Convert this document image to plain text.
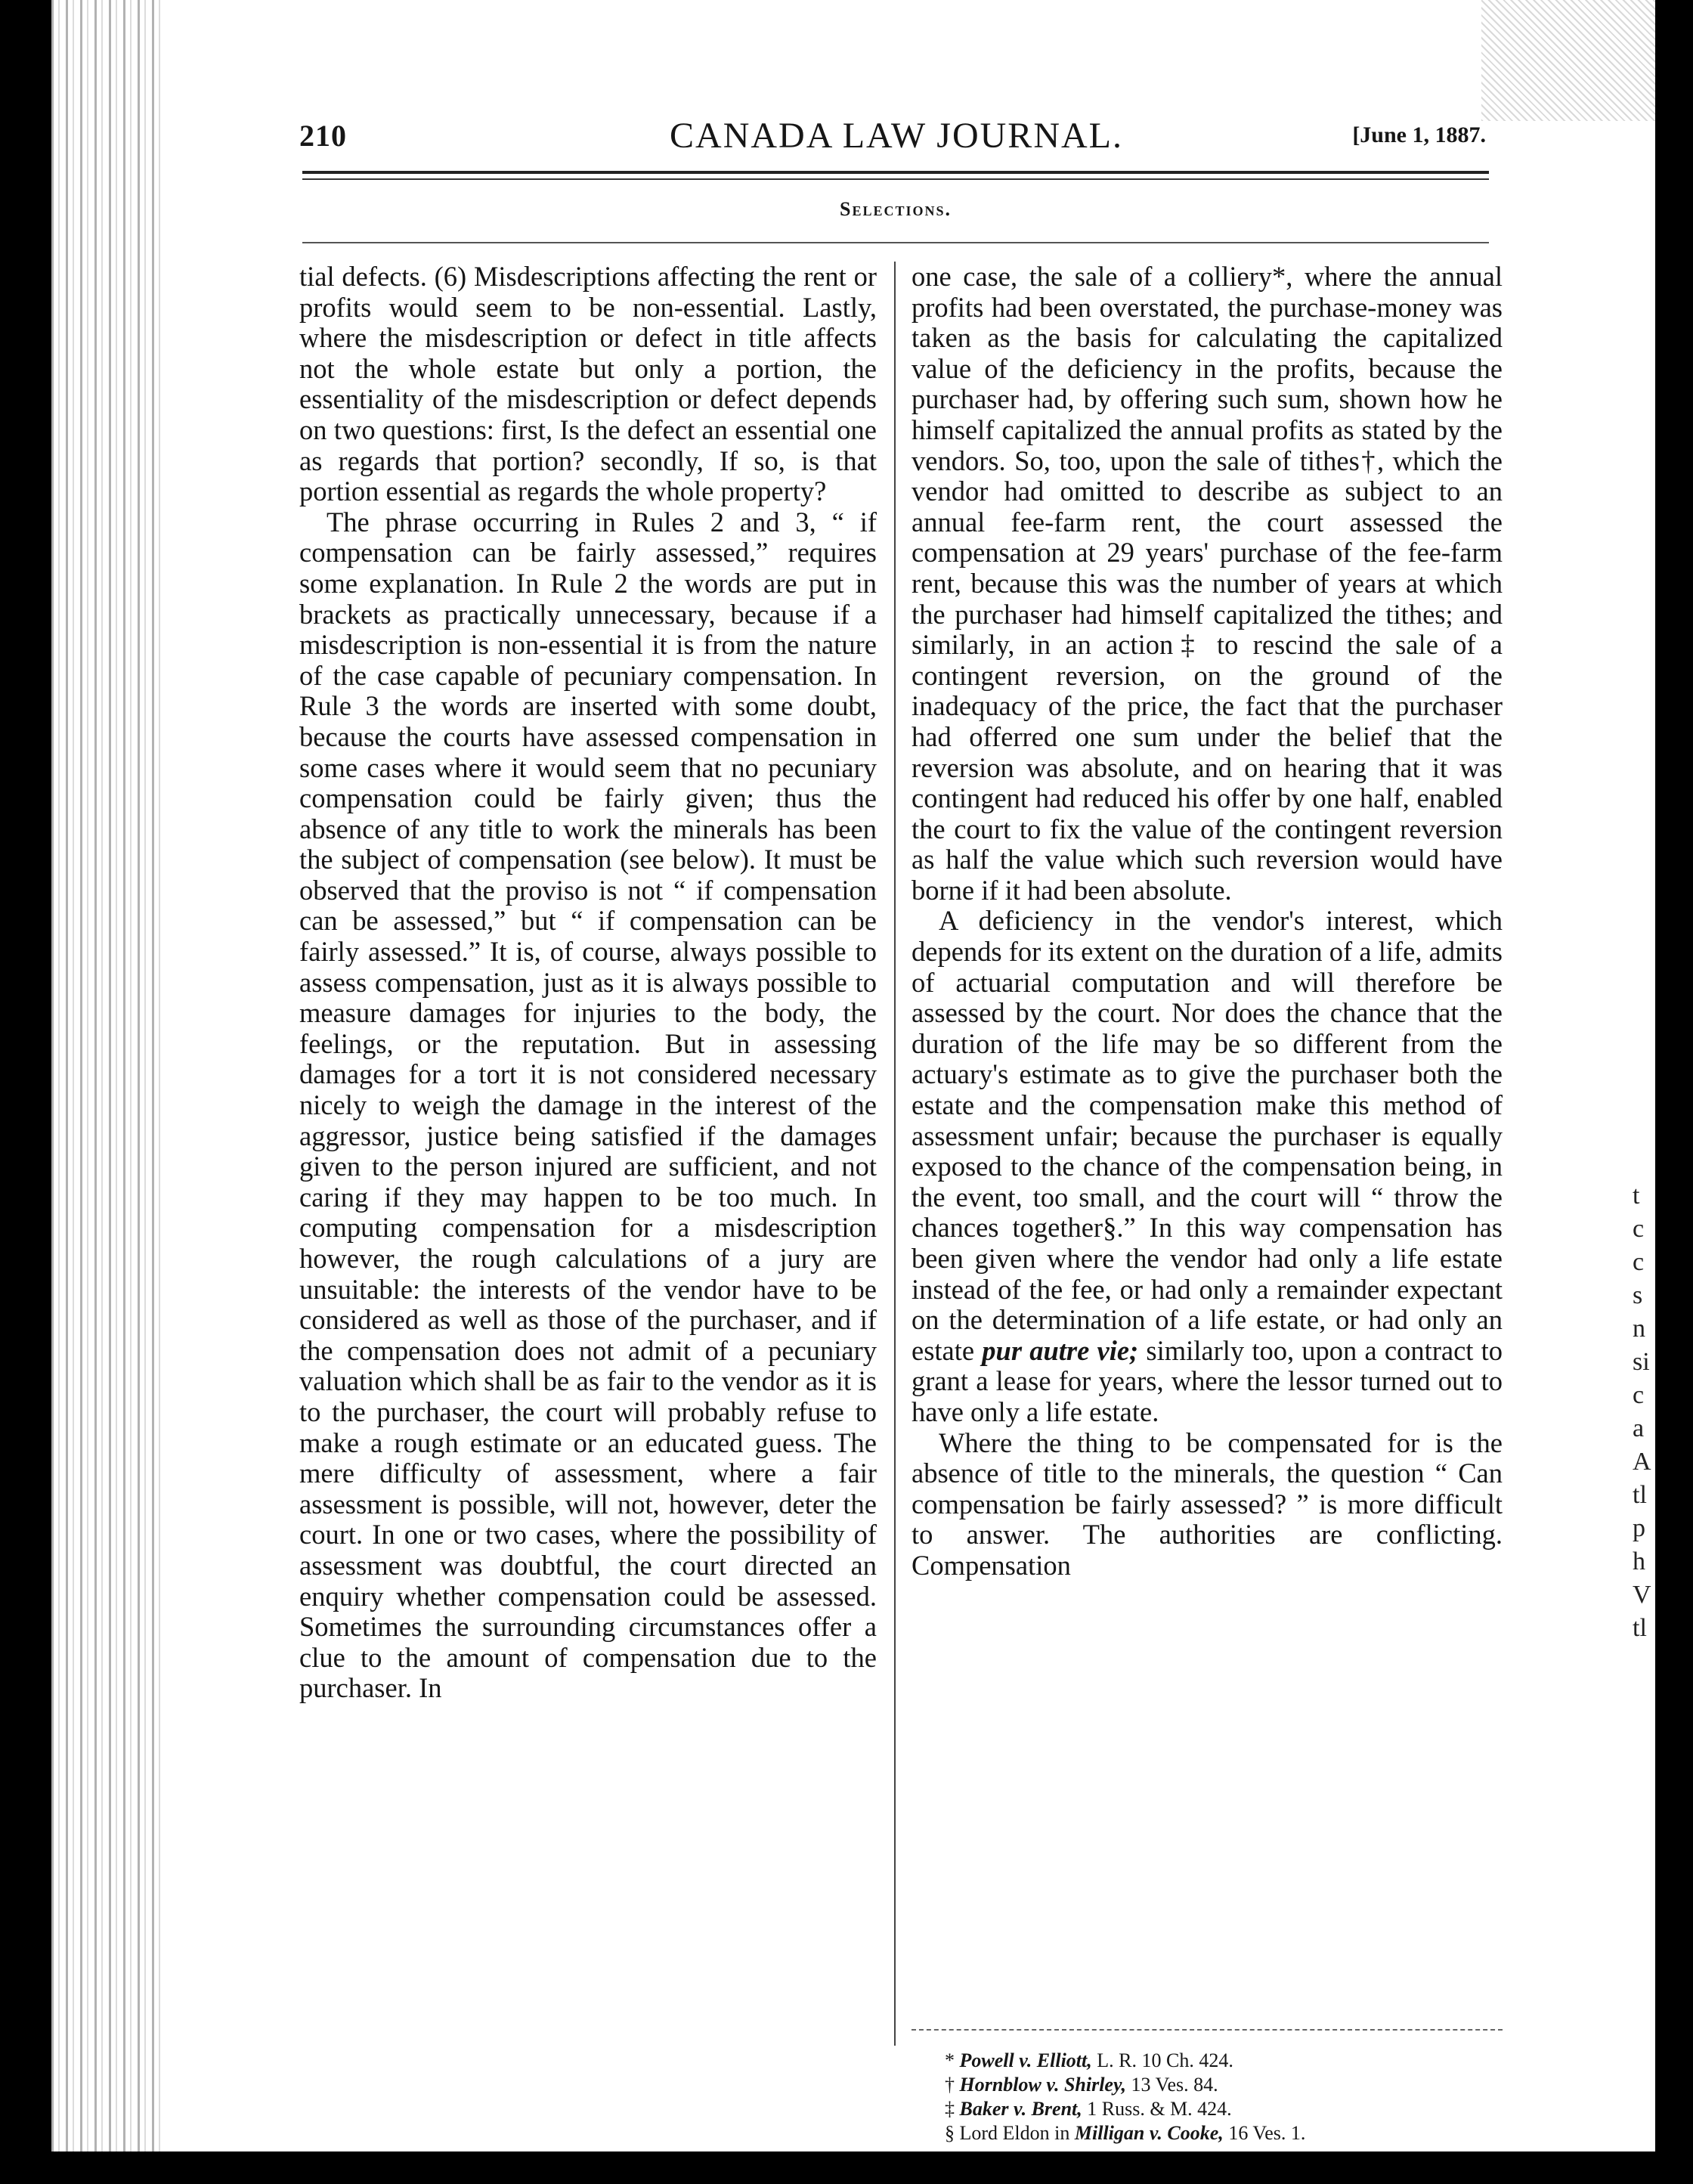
t c c s n si c a A tl p h V tl
210	CANADA LAW JOURNAL.	[June 1, 1887.
Selections.

tial defects. (6) Misdescriptions affecting the rent or profits would seem to be non-essential. Lastly, where the misdescription or defect in title affects not the whole estate but only a portion, the essentiality of the misdescription or defect depends on two questions: first, Is the defect an essential one as regards that portion? secondly, If so, is that portion essential as regards the whole property?

The phrase occurring in Rules 2 and 3, “ if compensation can be fairly assessed,” requires some explanation. In Rule 2 the words are put in brackets as practically unnecessary, because if a misdescription is non-essential it is from the nature of the case capable of pecuniary compensation. In Rule 3 the words are inserted with some doubt, because the courts have assessed compensation in some cases where it would seem that no pecuniary compensation could be fairly given; thus the absence of any title to work the minerals has been the subject of compensation (see below). It must be observed that the proviso is not “ if compensation can be assessed,” but “ if compensation can be fairly assessed.” It is, of course, always possible to assess compensation, just as it is always possible to measure damages for injuries to the body, the feelings, or the reputation. But in assessing damages for a tort it is not considered necessary nicely to weigh the damage in the interest of the aggressor, justice being satisfied if the damages given to the person injured are sufficient, and not caring if they may happen to be too much. In computing compensation for a misdescription however, the rough calculations of a jury are unsuitable: the interests of the vendor have to be considered as well as those of the purchaser, and if the compensation does not admit of a pecuniary valuation which shall be as fair to the vendor as it is to the purchaser, the court will probably refuse to make a rough estimate or an educated guess. The mere difficulty of assessment, where a fair assessment is possible, will not, however, deter the court. In one or two cases, where the possibility of assessment was doubtful, the court directed an enquiry whether compensation could be assessed. Sometimes the surrounding circumstances offer a clue to the amount of compensation due to the purchaser. In

one case, the sale of a colliery*, where the annual profits had been overstated, the purchase-money was taken as the basis for calculating the capitalized value of the deficiency in the profits, because the purchaser had, by offering such sum, shown how he himself capitalized the annual profits as stated by the vendors. So, too, upon the sale of tithes†, which the vendor had omitted to describe as subject to an annual fee-farm rent, the court assessed the compensation at 29 years' purchase of the fee-farm rent, because this was the number of years at which the purchaser had himself capitalized the tithes; and similarly, in an action‡ to rescind the sale of a contingent reversion, on the ground of the inadequacy of the price, the fact that the purchaser had offerred one sum under the belief that the reversion was absolute, and on hearing that it was contingent had reduced his offer by one half, enabled the court to fix the value of the contingent reversion as half the value which such reversion would have borne if it had been absolute.

A deficiency in the vendor's interest, which depends for its extent on the duration of a life, admits of actuarial computation and will therefore be assessed by the court. Nor does the chance that the duration of the life may be so different from the actuary's estimate as to give the purchaser both the estate and the compensation make this method of assessment unfair; because the purchaser is equally exposed to the chance of the compensation being, in the event, too small, and the court will “ throw the chances together§.” In this way compensation has been given where the vendor had only a life estate instead of the fee, or had only a remainder expectant on the determination of a life estate, or had only an estate pur autre vie; similarly too, upon a contract to grant a lease for years, where the lessor turned out to have only a life estate.

Where the thing to be compensated for is the absence of title to the minerals, the question “ Can compensation be fairly assessed? ” is more difficult to answer. The authorities are conflicting. Compensation

* Powell v. Elliott, L. R. 10 Ch. 424.
† Hornblow v. Shirley, 13 Ves. 84.
‡ Baker v. Brent, 1 Russ. & M. 424.
§ Lord Eldon in Milligan v. Cooke, 16 Ves. 1.
